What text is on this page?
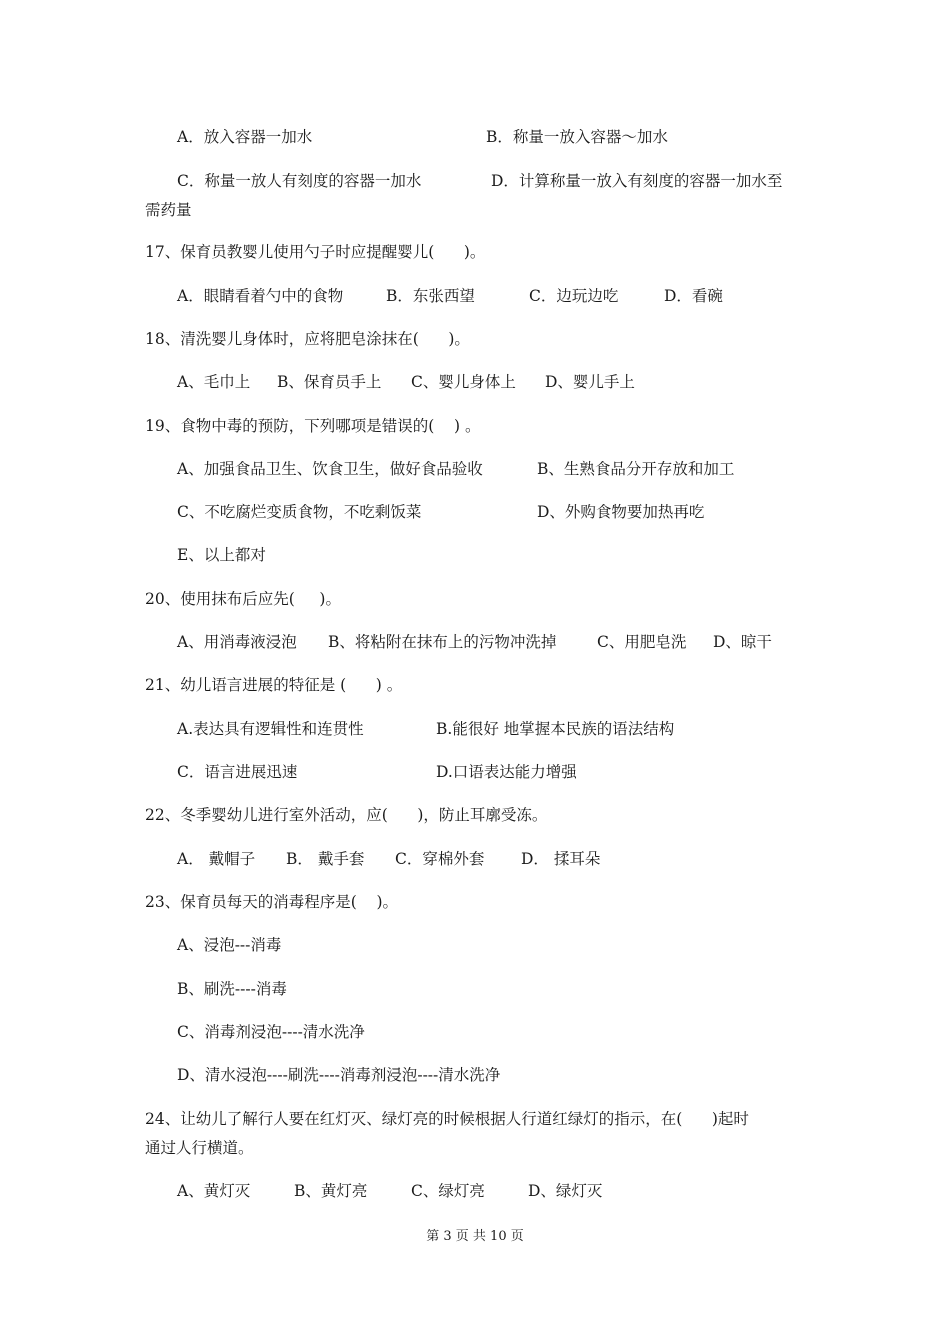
A．放入容器一加水	B．称量一放入容器～加水
C．称量一放人有刻度的容器一加水	D．计算称量一放入有刻度的容器一加水至
需药量
17、保育员教婴儿使用勺子时应提醒婴儿(      )。
A．眼睛看着勺中的食物	B．东张西望	C．边玩边吃	D．看碗
18、清洗婴儿身体时，应将肥皂涂抹在(      )。
A、毛巾上 B、保育员手上 C、婴儿身体上 D、婴儿手上
19、食物中毒的预防，下列哪项是错误的(    ) 。
A、加强食品卫生、饮食卫生，做好食品验收	B、生熟食品分开存放和加工
C、不吃腐烂变质食物，不吃剩饭菜	D、外购食物要加热再吃
E、以上都对
20、使用抹布后应先(     )。
A、用消毒液浸泡 B、将粘附在抹布上的污物冲洗掉	C、用肥皂洗 D、晾干
21、幼儿语言进展的特征是 (      ) 。
A.表达具有逻辑性和连贯性	B.能很好 地掌握本民族的语法结构
C．语言进展迅速	D.口语表达能力增强
22、冬季婴幼儿进行室外活动，应(      )，防止耳廓受冻。
A． 戴帽子 B． 戴手套 C．穿棉外套 D． 揉耳朵
23、保育员每天的消毒程序是(    )。
A、浸泡---消毒
B、刷洗----消毒
C、消毒剂浸泡----清水洗净
D、清水浸泡----刷洗----消毒剂浸泡----清水洗净
24、让幼儿了解行人要在红灯灭、绿灯亮的时候根据人行道红绿灯的指示，在(      )起时
通过人行横道。
A、黄灯灭	B、黄灯亮	C、绿灯亮	D、绿灯灭
第 3 页 共 10 页
